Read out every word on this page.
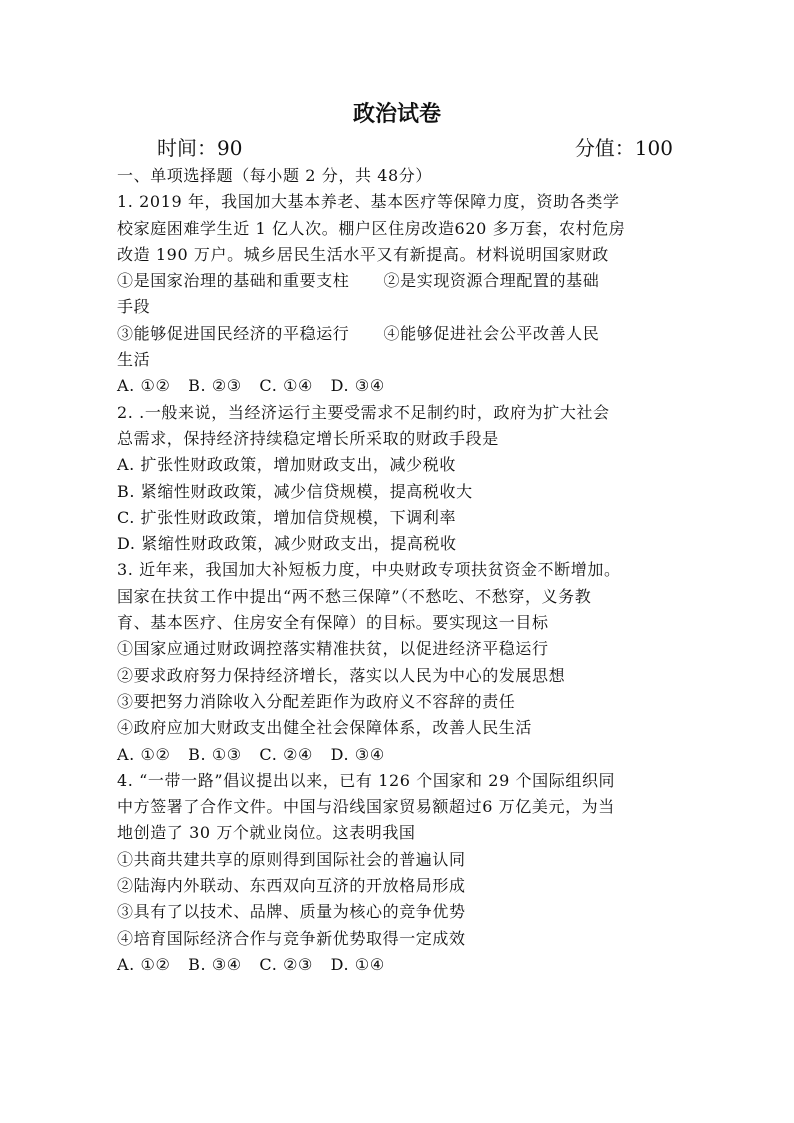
政治试卷
时间：90	分值：100
一、单项选择题（每小题 2 分，共 48分）
1. 2019 年，我国加大基本养老、基本医疗等保障力度，资助各类学
校家庭困难学生近 1 亿人次。棚户区住房改造620 多万套，农村危房
改造 190 万户。城乡居民生活水平又有新提高。材料说明国家财政
①是国家治理的基础和重要支柱      ②是实现资源合理配置的基础
手段
③能够促进国民经济的平稳运行      ④能够促进社会公平改善人民
生活
A. ①② B. ②③ C. ①④ D. ③④
2. .一般来说，当经济运行主要受需求不足制约时，政府为扩大社会
总需求，保持经济持续稳定增长所采取的财政手段是
A. 扩张性财政政策，增加财政支出，减少税收
B. 紧缩性财政政策，减少信贷规模，提高税收大
C. 扩张性财政政策，增加信贷规模，下调利率
D. 紧缩性财政政策，减少财政支出，提高税收
3. 近年来，我国加大补短板力度，中央财政专项扶贫资金不断增加。
国家在扶贫工作中提出“两不愁三保障”（不愁吃、不愁穿，义务教
育、基本医疗、住房安全有保障）的目标。要实现这一目标
①国家应通过财政调控落实精准扶贫，以促进经济平稳运行
②要求政府努力保持经济增长，落实以人民为中心的发展思想
③要把努力消除收入分配差距作为政府义不容辞的责任
④政府应加大财政支出健全社会保障体系，改善人民生活
A. ①② B. ①③ C. ②④ D. ③④
4. “一带一路”倡议提出以来，已有 126 个国家和 29 个国际组织同
中方签署了合作文件。中国与沿线国家贸易额超过6 万亿美元，为当
地创造了 30 万个就业岗位。这表明我国
①共商共建共享的原则得到国际社会的普遍认同
②陆海内外联动、东西双向互济的开放格局形成
③具有了以技术、品牌、质量为核心的竞争优势
④培育国际经济合作与竞争新优势取得一定成效
A. ①② B. ③④ C. ②③ D. ①④
